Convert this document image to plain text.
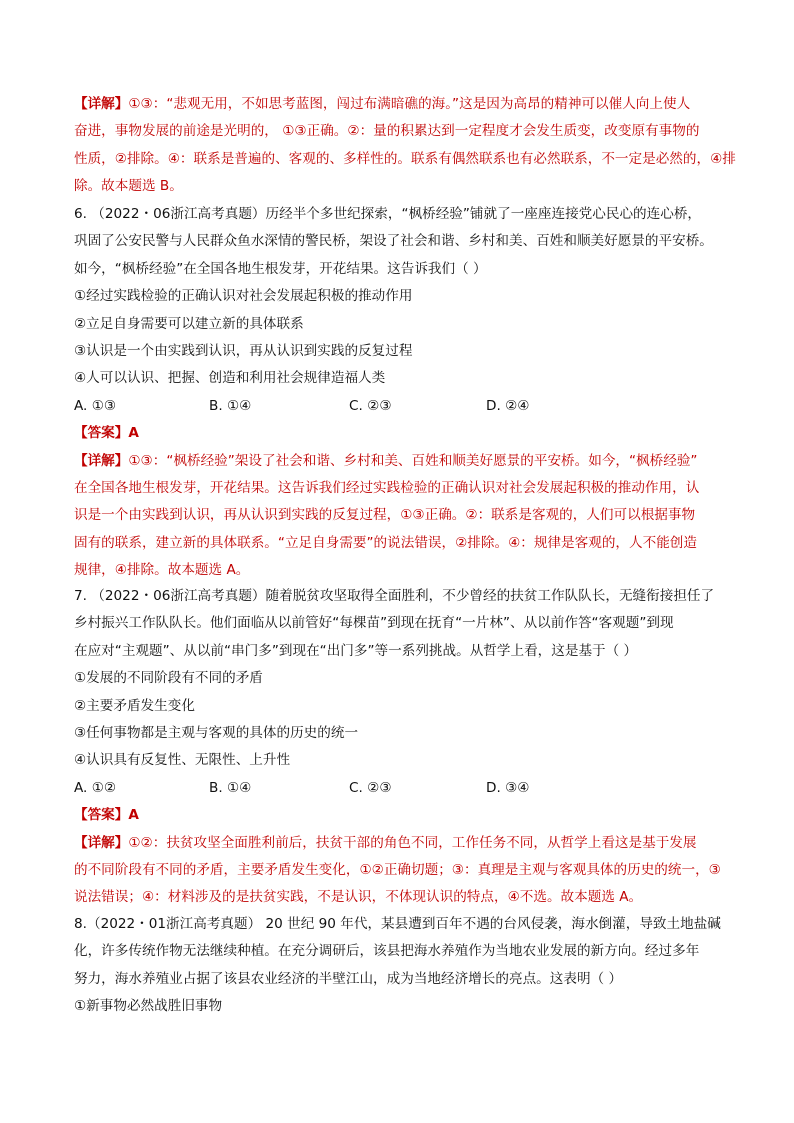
【详解】①③：“悲观无用，不如思考蓝图，闯过布满暗礁的海。”这是因为高昂的精神可以催人向上使人
奋进，事物发展的前途是光明的， ①③正确。②：量的积累达到一定程度才会发生质变，改变原有事物的
性质，②排除。④：联系是普遍的、客观的、多样性的。联系有偶然联系也有必然联系，不一定是必然的，④排
除。故本题选 B。
6. （2022・06浙江高考真题）历经半个多世纪探索，“枫桥经验”铺就了一座座连接党心民心的连心桥，
巩固了公安民警与人民群众鱼水深情的警民桥，架设了社会和谐、乡村和美、百姓和顺美好愿景的平安桥。
如今，“枫桥经验”在全国各地生根发芽，开花结果。这告诉我们（ ）
①经过实践检验的正确认识对社会发展起积极的推动作用
②立足自身需要可以建立新的具体联系
③认识是一个由实践到认识，再从认识到实践的反复过程
④人可以认识、把握、创造和利用社会规律造福人类
A. ①③	B. ①④	C. ②③	D. ②④
【答案】A
【详解】①③：“枫桥经验”架设了社会和谐、乡村和美、百姓和顺美好愿景的平安桥。如今，“枫桥经验”
在全国各地生根发芽，开花结果。这告诉我们经过实践检验的正确认识对社会发展起积极的推动作用，认
识是一个由实践到认识，再从认识到实践的反复过程，①③正确。②：联系是客观的，人们可以根据事物
固有的联系，建立新的具体联系。“立足自身需要”的说法错误，②排除。④：规律是客观的，人不能创造
规律，④排除。故本题选 A。
7. （2022・06浙江高考真题）随着脱贫攻坚取得全面胜利，不少曾经的扶贫工作队队长，无缝衔接担任了
乡村振兴工作队队长。他们面临从以前管好“每棵苗”到现在抚育“一片林”、从以前作答“客观题”到现
在应对“主观题”、从以前“串门多”到现在“出门多”等一系列挑战。从哲学上看，这是基于（ ）
①发展的不同阶段有不同的矛盾
②主要矛盾发生变化
③任何事物都是主观与客观的具体的历史的统一
④认识具有反复性、无限性、上升性
A. ①②	B. ①④	C. ②③	D. ③④
【答案】A
【详解】①②：扶贫攻坚全面胜利前后，扶贫干部的角色不同，工作任务不同，从哲学上看这是基于发展
的不同阶段有不同的矛盾，主要矛盾发生变化，①②正确切题；③：真理是主观与客观具体的历史的统一，③
说法错误；④：材料涉及的是扶贫实践，不是认识，不体现认识的特点，④不选。故本题选 A。
8.（2022・01浙江高考真题） 20 世纪 90 年代，某县遭到百年不遇的台风侵袭，海水倒灌，导致土地盐碱
化，许多传统作物无法继续种植。在充分调研后，该县把海水养殖作为当地农业发展的新方向。经过多年
努力，海水养殖业占据了该县农业经济的半壁江山，成为当地经济增长的亮点。这表明（ ）
①新事物必然战胜旧事物
